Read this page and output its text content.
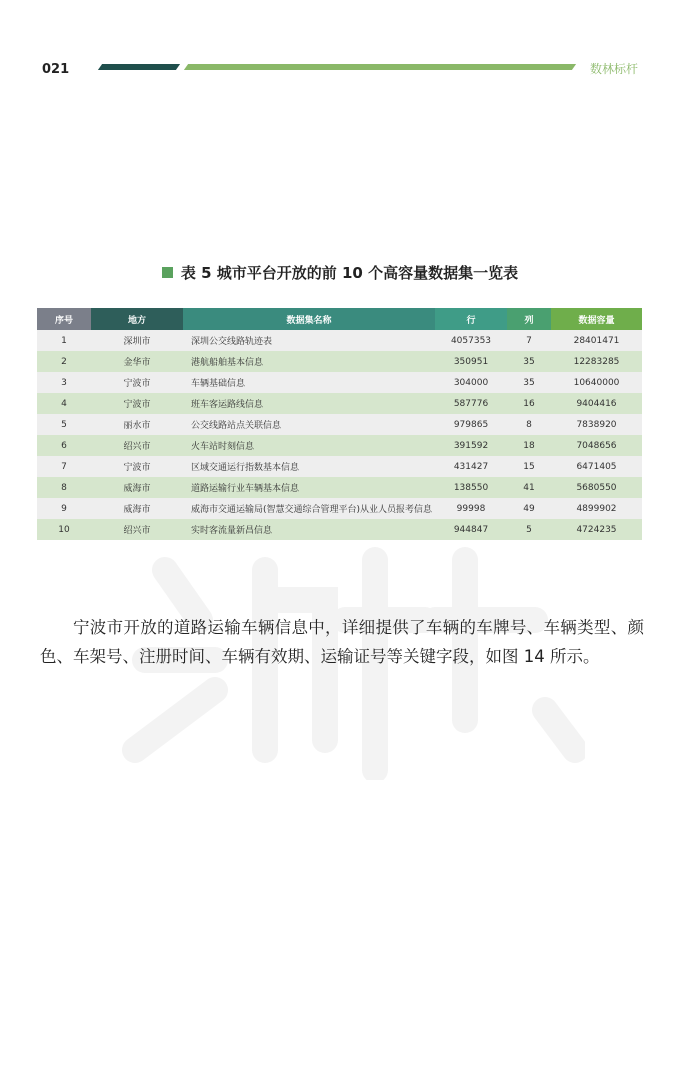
021	数林标杆
表 5 城市平台开放的前 10 个高容量数据集一览表
序号	地方	数据集名称	行	列	数据容量
1	深圳市	深圳公交线路轨迹表	4057353	7	28401471
2	金华市	港航船舶基本信息	350951	35	12283285
3	宁波市	车辆基础信息	304000	35	10640000
4	宁波市	班车客运路线信息	587776	16	9404416
5	丽水市	公交线路站点关联信息	979865	8	7838920
6	绍兴市	火车站时刻信息	391592	18	7048656
7	宁波市	区域交通运行指数基本信息	431427	15	6471405
8	威海市	道路运输行业车辆基本信息	138550	41	5680550
9	威海市	威海市交通运输局(智慧交通综合管理平台)从业人员报考信息	99998	49	4899902
10	绍兴市	实时客流量新昌信息	944847	5	4724235
宁波市开放的道路运输车辆信息中，详细提供了车辆的车牌号、车辆类型、颜色、车架号、注册时间、车辆有效期、运输证号等关键字段，如图 14 所示。
